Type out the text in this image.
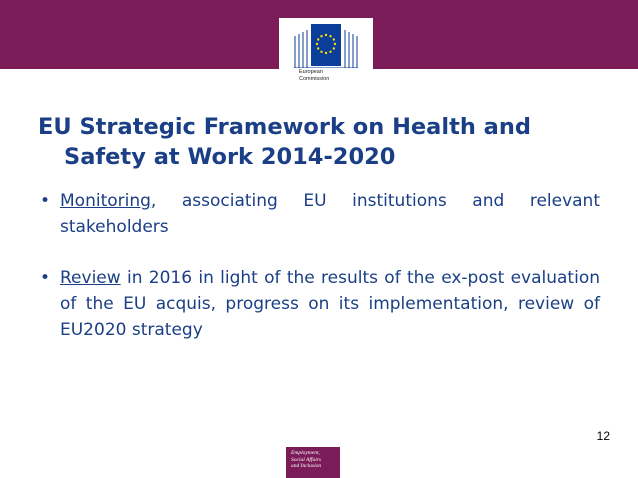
European
Commission
EU Strategic Framework on Health and
Safety at Work 2014-2020
• Monitoring, associating EU institutions and relevant stakeholders
• Review in 2016 in light of the results of the ex-post evaluation of the EU acquis, progress on its implementation, review of EU2020 strategy
12
Employment,
Social Affairs
and Inclusion
